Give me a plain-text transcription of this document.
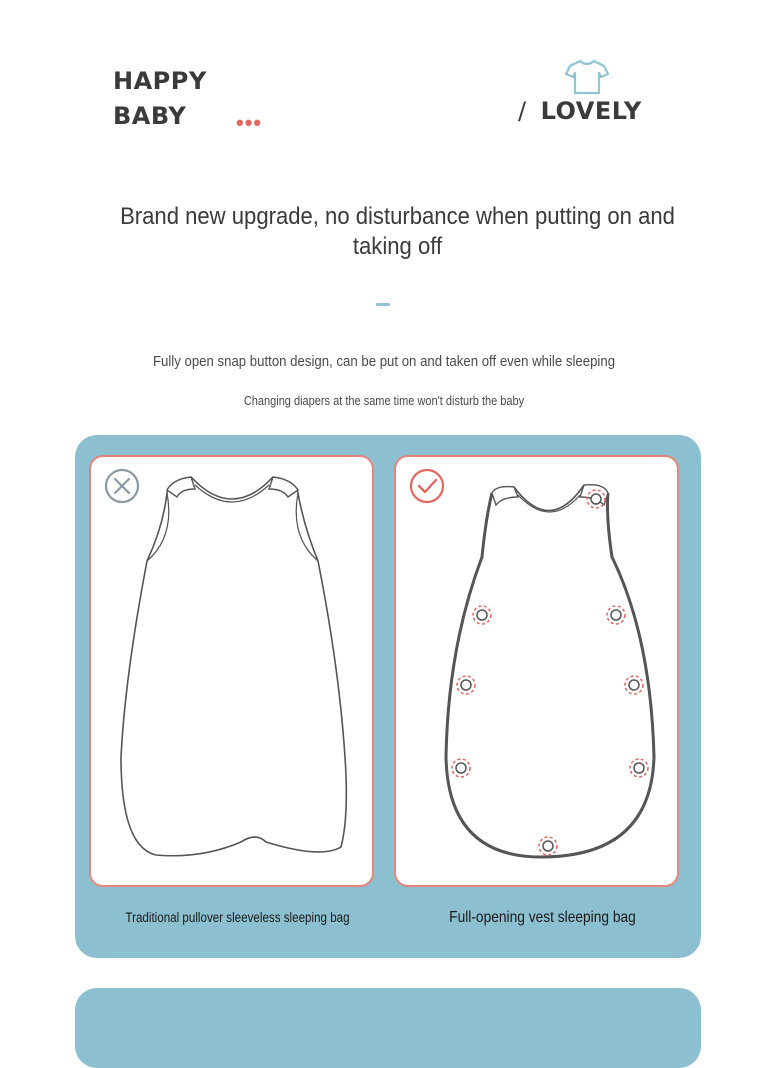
HAPPY
BABY	•••	/ LOVELY
Brand new upgrade, no disturbance when putting on and taking off
Fully open snap button design, can be put on and taken off even while sleeping
Changing diapers at the same time won't disturb the baby
Traditional pullover sleeveless sleeping bag	Full-opening vest sleeping bag
